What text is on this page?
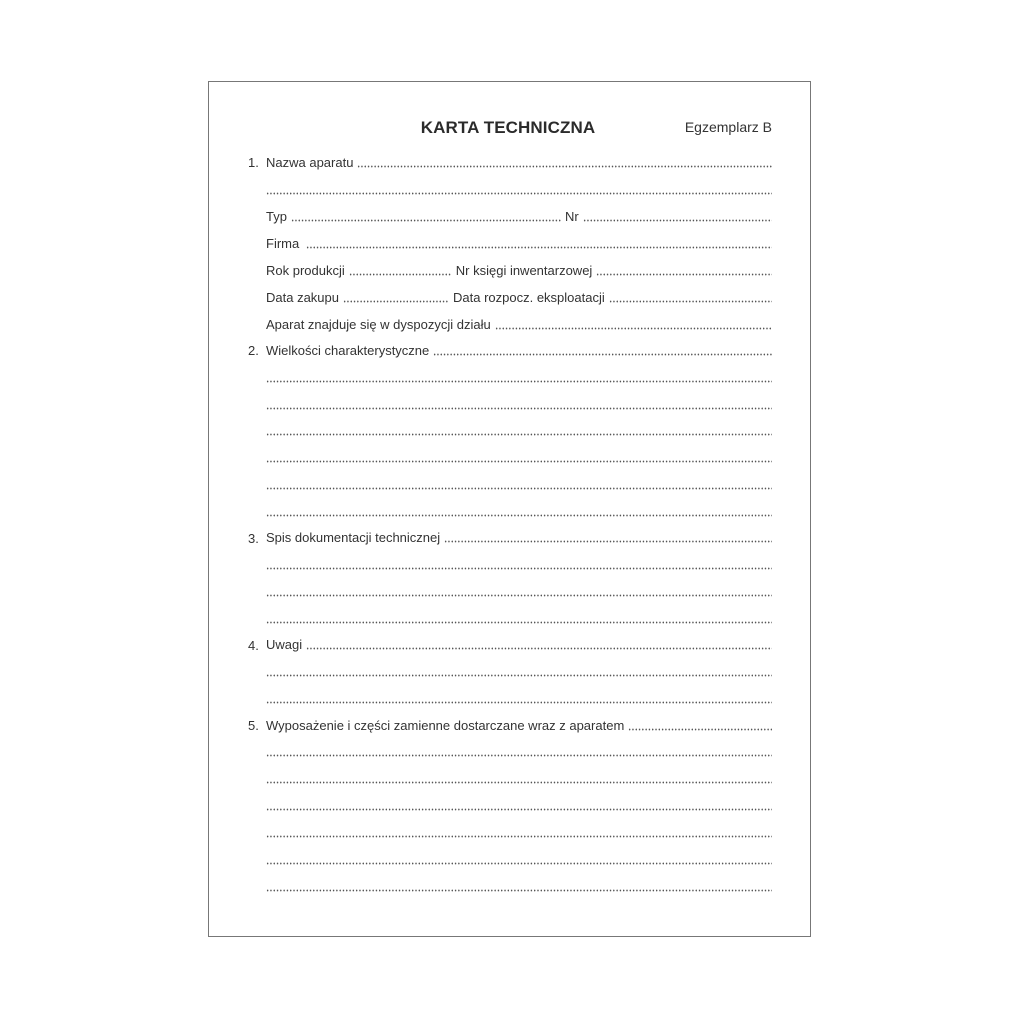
KARTA TECHNICZNA	Egzemplarz B
1. Nazwa aparatu
Typ	Nr
Firma
Rok produkcji	Nr księgi inwentarzowej
Data zakupu	Data rozpocz. eksploatacji
Aparat znajduje się w dyspozycji działu
2. Wielkości charakterystyczne
3. Spis dokumentacji technicznej
4. Uwagi
5. Wyposażenie i części zamienne dostarczane wraz z aparatem
